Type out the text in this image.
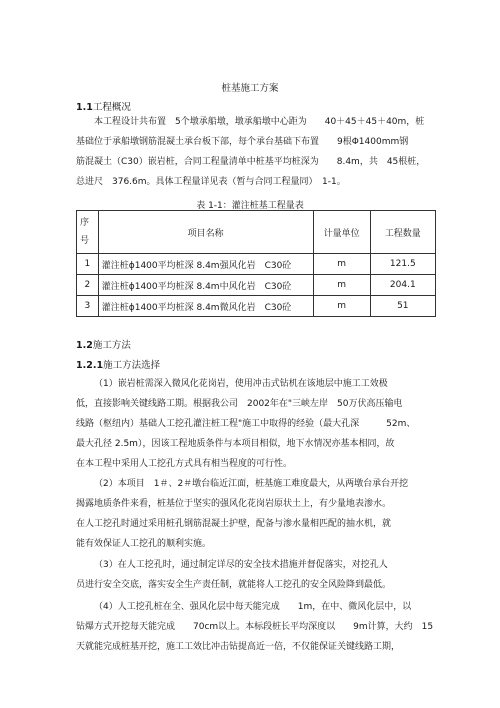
桩基施工方案
1.1工程概况
本工程设计共布置　5个墩承船墩，墩承船墩中心距为　　40＋45＋45＋40m，桩
基础位于承船墩钢筋混凝土承台板下部，每个承台基础下布置　　9根Φ1400mm钢
筋混凝土（C30）嵌岩桩，合同工程量清单中桩基平均桩深为　　8.4m，共　45根桩，
总进尺　376.6m。具体工程量详见表（暂与合同工程量同）　1-1。
表 1-1：灌注桩基工程量表
序号	项目名称	计量单位	工程数量
1	灌注桩ϕ1400平均桩深 8.4m强风化岩　C30砼	m	121.5
2	灌注桩ϕ1400平均桩深 8.4m中风化岩　C30砼	m	204.1
3	灌注桩ϕ1400平均桩深 8.4m微风化岩　C30砼	m	51
1.2施工方法
1.2.1施工方法选择
（1）嵌岩桩需深入微风化花岗岩，使用冲击式钻机在该地层中施工工效极
低，直接影响关键线路工期。根据我公司　2002年在"三峡左岸　50万伏高压输电
线路（枢纽内）基础人工挖孔灌注桩工程"施工中取得的经验（最大孔深　　　52m、
最大孔径 2.5m），因该工程地质条件与本项目相似，地下水情况亦基本相同，故
在本工程中采用人工挖孔方式具有相当程度的可行性。
（2）本项目　1＃、2＃墩台临近江面，桩基施工难度最大，从两墩台承台开挖
揭露地质条件来看，桩基位于坚实的强风化花岗岩原状土上，有少量地表渗水。
在人工挖孔时通过采用桩孔钢筋混凝土护壁，配备与渗水量相匹配的抽水机，就
能有效保证人工挖孔的顺利实施。
（3）在人工挖孔时，通过制定详尽的安全技术措施并督促落实，对挖孔人
员进行安全交底，落实安全生产责任制，就能将人工挖孔的安全风险降到最低。
（4）人工挖孔桩在全、强风化层中每天能完成　　1m，在中、微风化层中，以
钻爆方式开挖每天能完成　　70cm以上。本标段桩长平均深度以　　9m计算，大约　15
天就能完成桩基开挖，施工工效比冲击钻提高近一倍，不仅能保证关键线路工期，
